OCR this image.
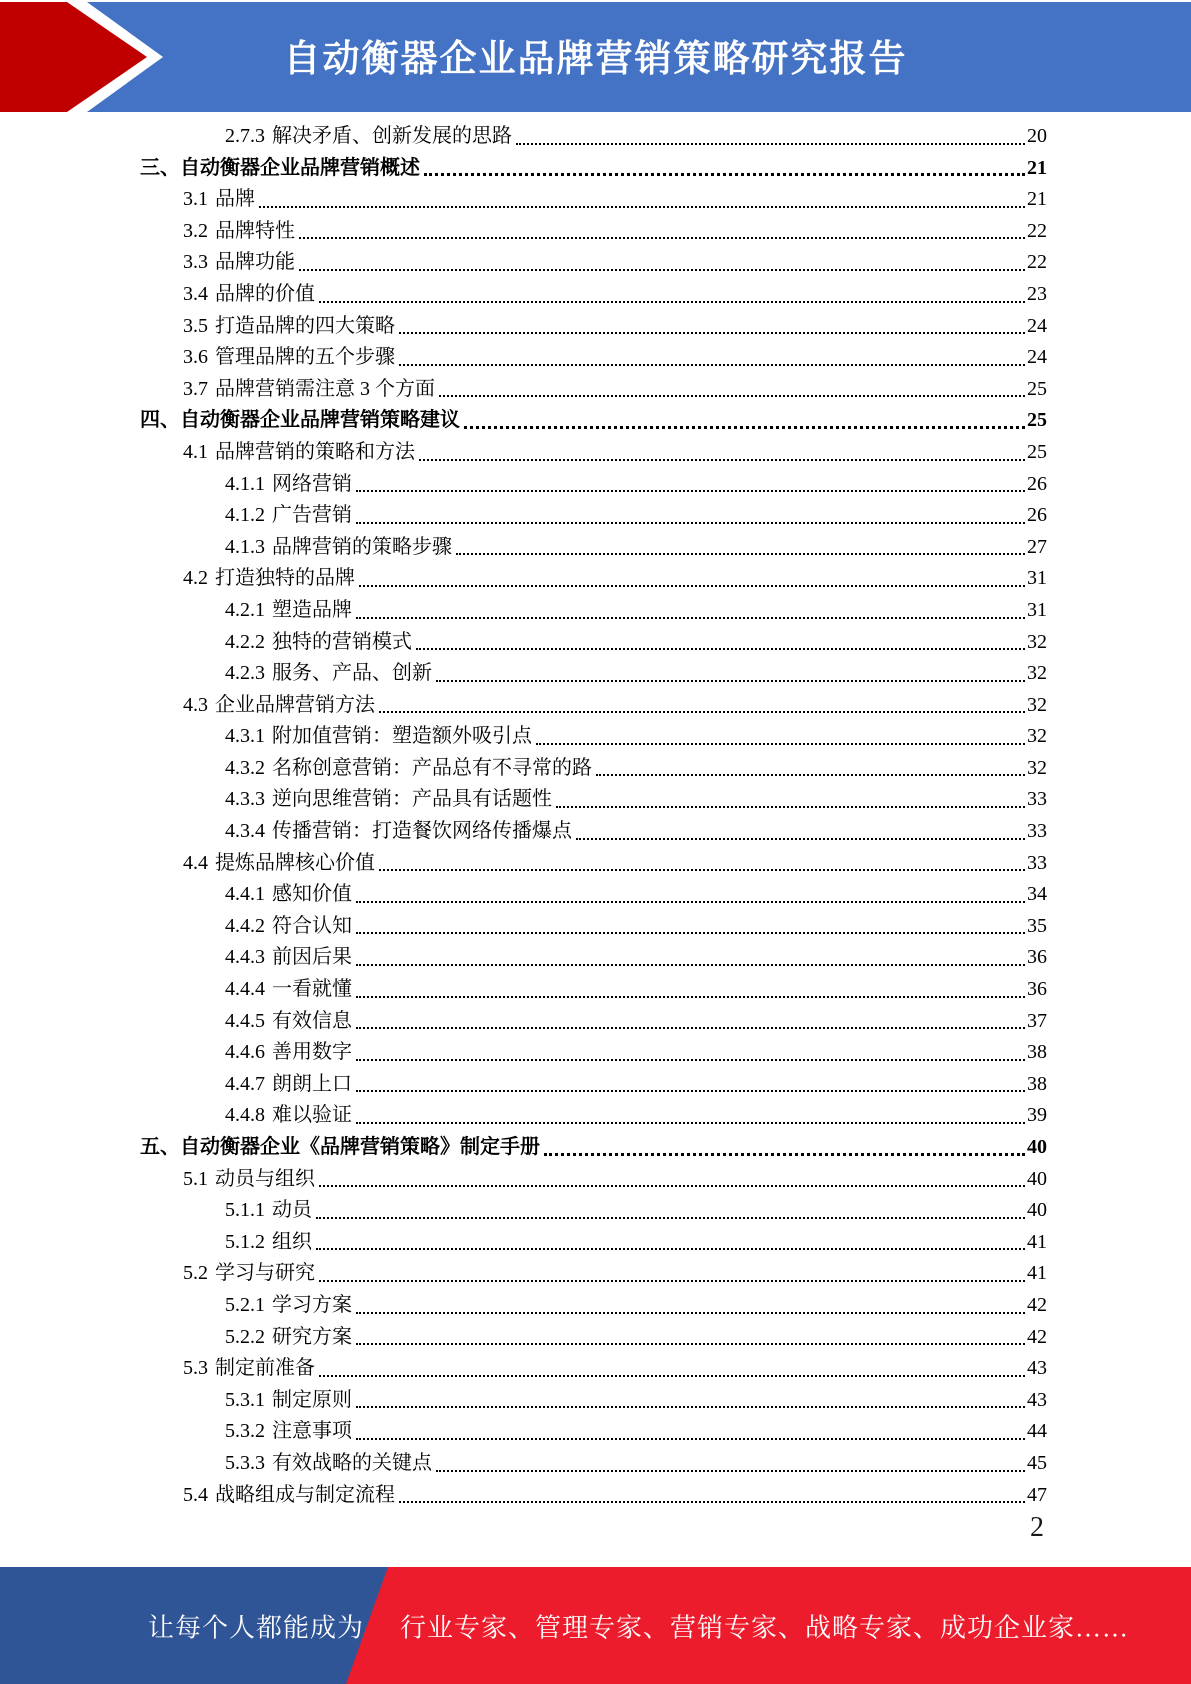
自动衡器企业品牌营销策略研究报告
2.7.3 解决矛盾、创新发展的思路	20
三、 自动衡器企业品牌营销概述	21
3.1 品牌	21
3.2 品牌特性	22
3.3 品牌功能	22
3.4 品牌的价值	23
3.5 打造品牌的四大策略	24
3.6 管理品牌的五个步骤	24
3.7 品牌营销需注意 3 个方面	25
四、 自动衡器企业品牌营销策略建议	25
4.1 品牌营销的策略和方法	25
4.1.1 网络营销	26
4.1.2 广告营销	26
4.1.3 品牌营销的策略步骤	27
4.2 打造独特的品牌	31
4.2.1 塑造品牌	31
4.2.2 独特的营销模式	32
4.2.3 服务、产品、创新	32
4.3 企业品牌营销方法	32
4.3.1 附加值营销：塑造额外吸引点	32
4.3.2 名称创意营销：产品总有不寻常的路	32
4.3.3 逆向思维营销：产品具有话题性	33
4.3.4 传播营销：打造餐饮网络传播爆点	33
4.4 提炼品牌核心价值	33
4.4.1 感知价值	34
4.4.2 符合认知	35
4.4.3 前因后果	36
4.4.4 一看就懂	36
4.4.5 有效信息	37
4.4.6 善用数字	38
4.4.7 朗朗上口	38
4.4.8 难以验证	39
五、 自动衡器企业《品牌营销策略》制定手册	40
5.1 动员与组织	40
5.1.1 动员	40
5.1.2 组织	41
5.2 学习与研究	41
5.2.1 学习方案	42
5.2.2 研究方案	42
5.3 制定前准备	43
5.3.1 制定原则	43
5.3.2 注意事项	44
5.3.3 有效战略的关键点	45
5.4 战略组成与制定流程	47
2
让每个人都能成为 行业专家、管理专家、营销专家、战略专家、成功企业家……
